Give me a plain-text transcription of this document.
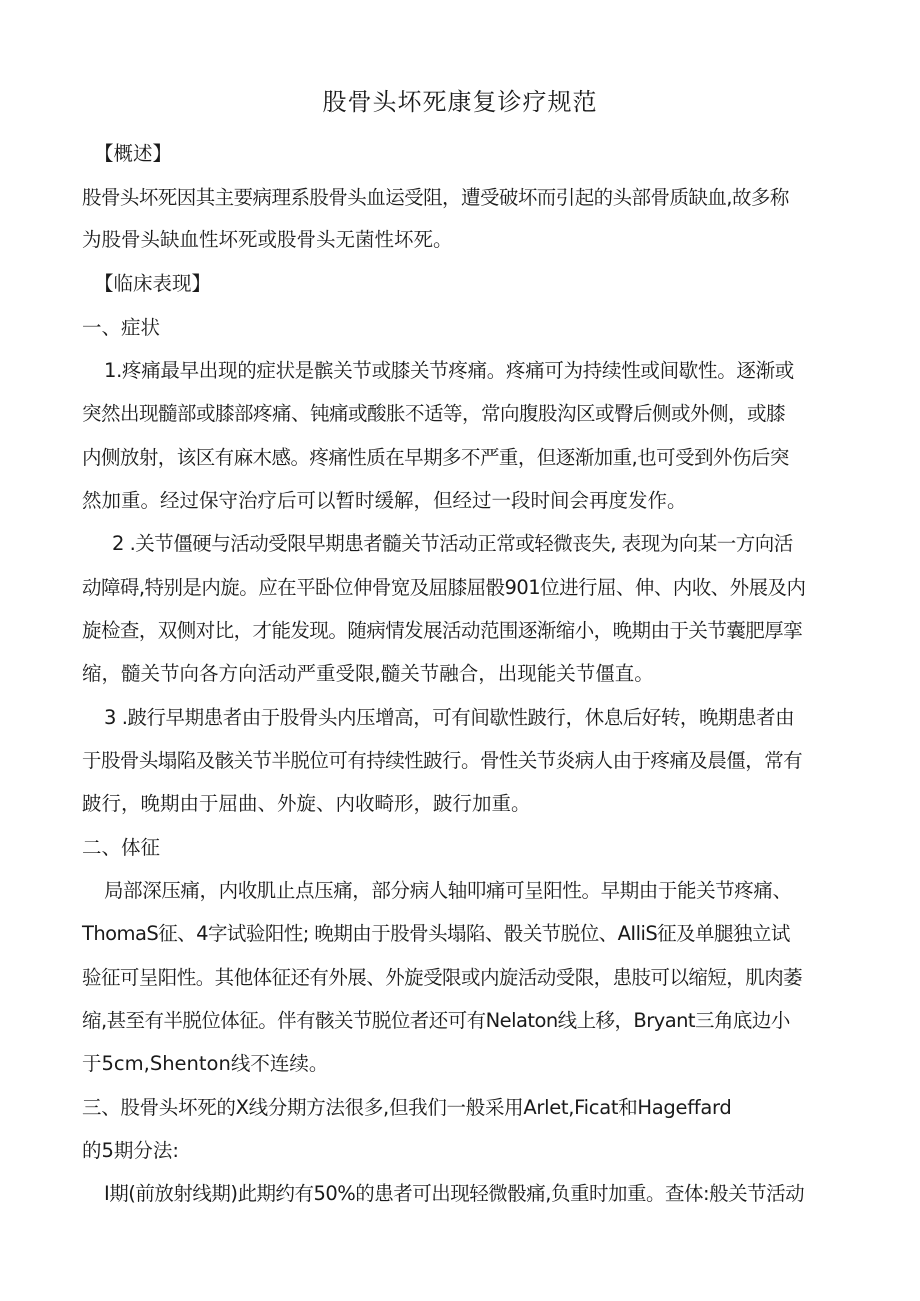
股骨头坏死康复诊疗规范

【概述】

股骨头坏死因其主要病理系股骨头血运受阻，遭受破坏而引起的头部骨质缺血,故多称

为股骨头缺血性坏死或股骨头无菌性坏死。

【临床表现】

一、症状

1.疼痛最早出现的症状是髌关节或膝关节疼痛。疼痛可为持续性或间歇性。逐渐或

突然出现髓部或膝部疼痛、钝痛或酸胀不适等，常向腹股沟区或臀后侧或外侧，或膝

内侧放射，该区有麻木感。疼痛性质在早期多不严重，但逐渐加重,也可受到外伤后突

然加重。经过保守治疗后可以暂时缓解，但经过一段时间会再度发作。

2 .关节僵硬与活动受限早期患者髓关节活动正常或轻微丧失, 表现为向某一方向活

动障碍,特别是内旋。应在平卧位伸骨宽及屈膝屈骰901位进行屈、伸、内收、外展及内

旋检查，双侧对比，才能发现。随病情发展活动范围逐渐缩小，晚期由于关节囊肥厚挛

缩，髓关节向各方向活动严重受限,髓关节融合，出现能关节僵直。

3 .跛行早期患者由于股骨头内压增高，可有间歇性跛行，休息后好转，晚期患者由

于股骨头塌陷及骸关节半脱位可有持续性跛行。骨性关节炎病人由于疼痛及晨僵，常有

跛行，晚期由于屈曲、外旋、内收畸形，跛行加重。

二、体征

局部深压痛，内收肌止点压痛，部分病人轴叩痛可呈阳性。早期由于能关节疼痛、

ThomaS征、4字试验阳性; 晚期由于股骨头塌陷、骰关节脱位、AIliS征及单腿独立试

验征可呈阳性。其他体征还有外展、外旋受限或内旋活动受限，患肢可以缩短，肌肉萎

缩,甚至有半脱位体征。伴有骸关节脱位者还可有Nelaton线上移，Bryant三角底边小

于5cm,Shenton线不连续。

三、股骨头坏死的X线分期方法很多,但我们一般采用Arlet,Ficat和Hageffard

的5期分法:

I期(前放射线期)此期约有50%的患者可出现轻微骰痛,负重时加重。查体:般关节活动
